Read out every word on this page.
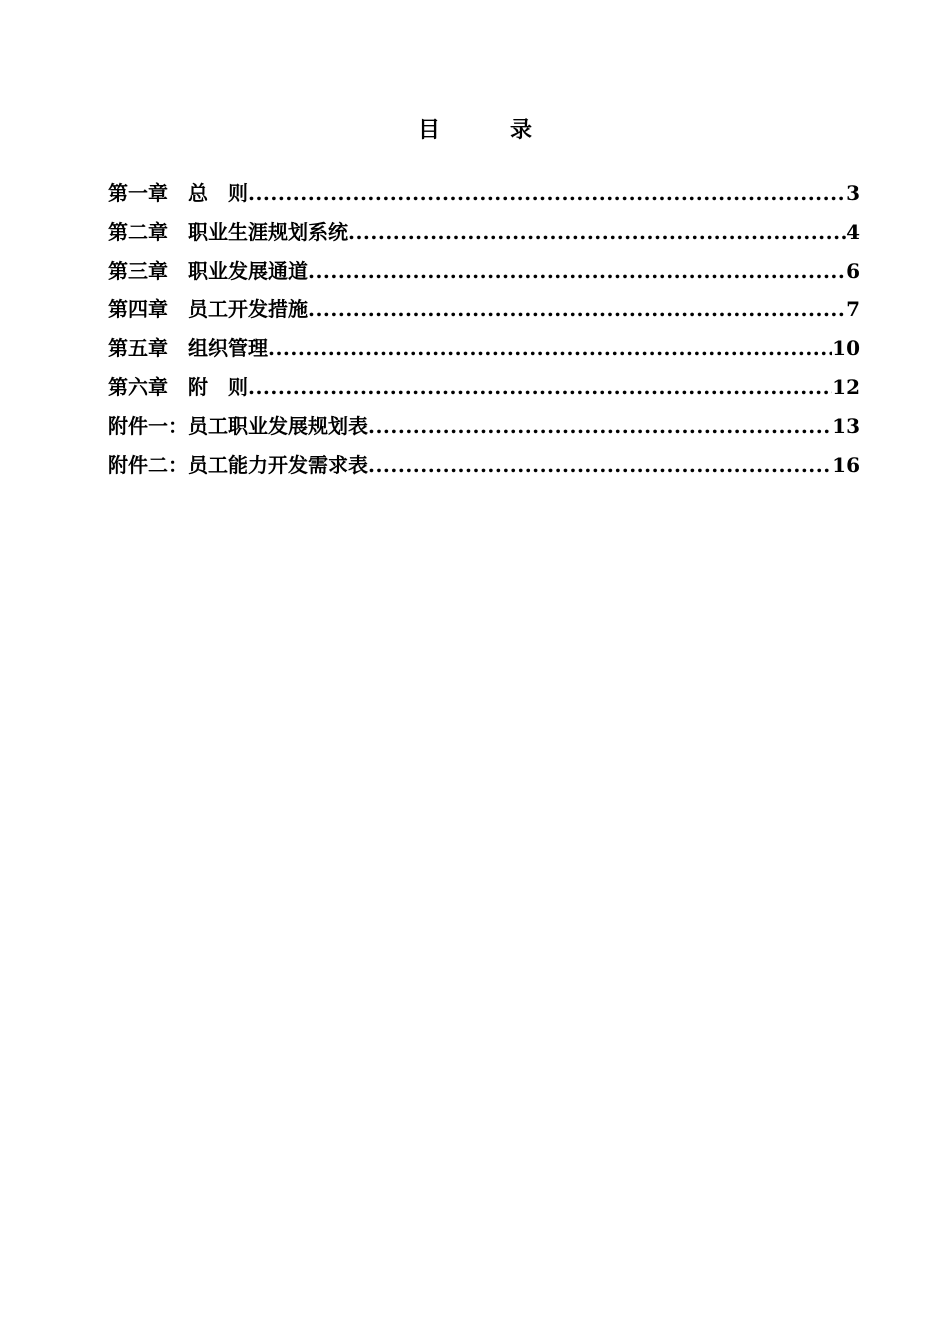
目　录
第一章　总　则 .....	3
第二章　职业生涯规划系统 .....	4
第三章　职业发展通道 .....	6
第四章　员工开发措施 .....	7
第五章　组织管理 .....	10
第六章　附　则 .....	12
附件一：员工职业发展规划表 .....	13
附件二：员工能力开发需求表 .....	16
